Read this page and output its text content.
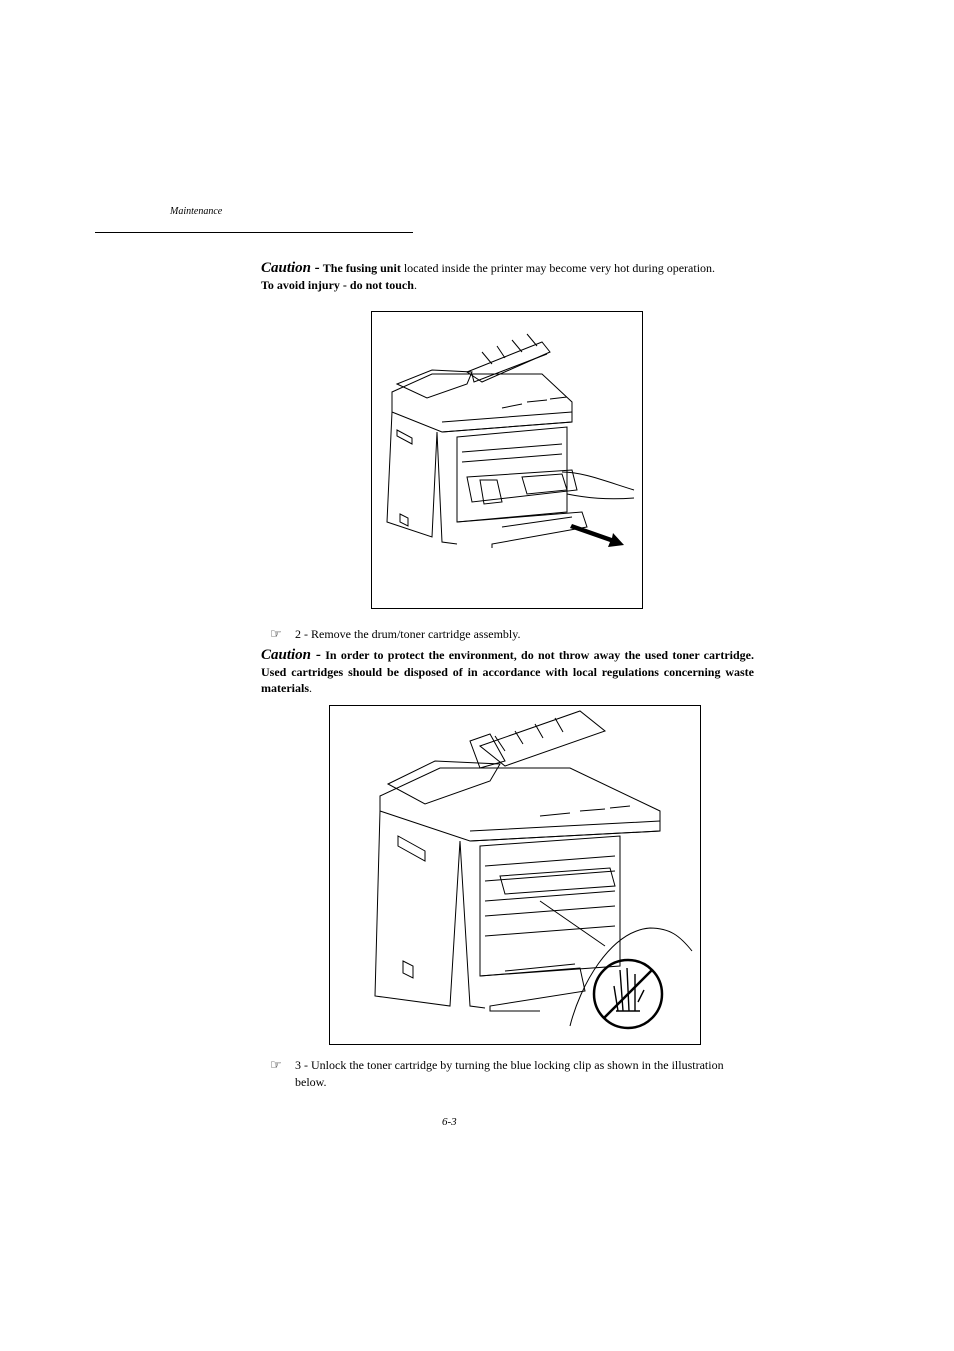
Maintenance
Caution - The fusing unit located inside the printer may become very hot during operation.
To avoid injury - do not touch.
☞ 2 - Remove the drum/toner cartridge assembly.
Caution - In order to protect the environment, do not throw away the used toner cartridge. Used cartridges should be disposed of in accordance with local regulations concerning waste materials.
☞ 3 - Unlock the toner cartridge by turning the blue locking clip as shown in the illustration below.
6-3
